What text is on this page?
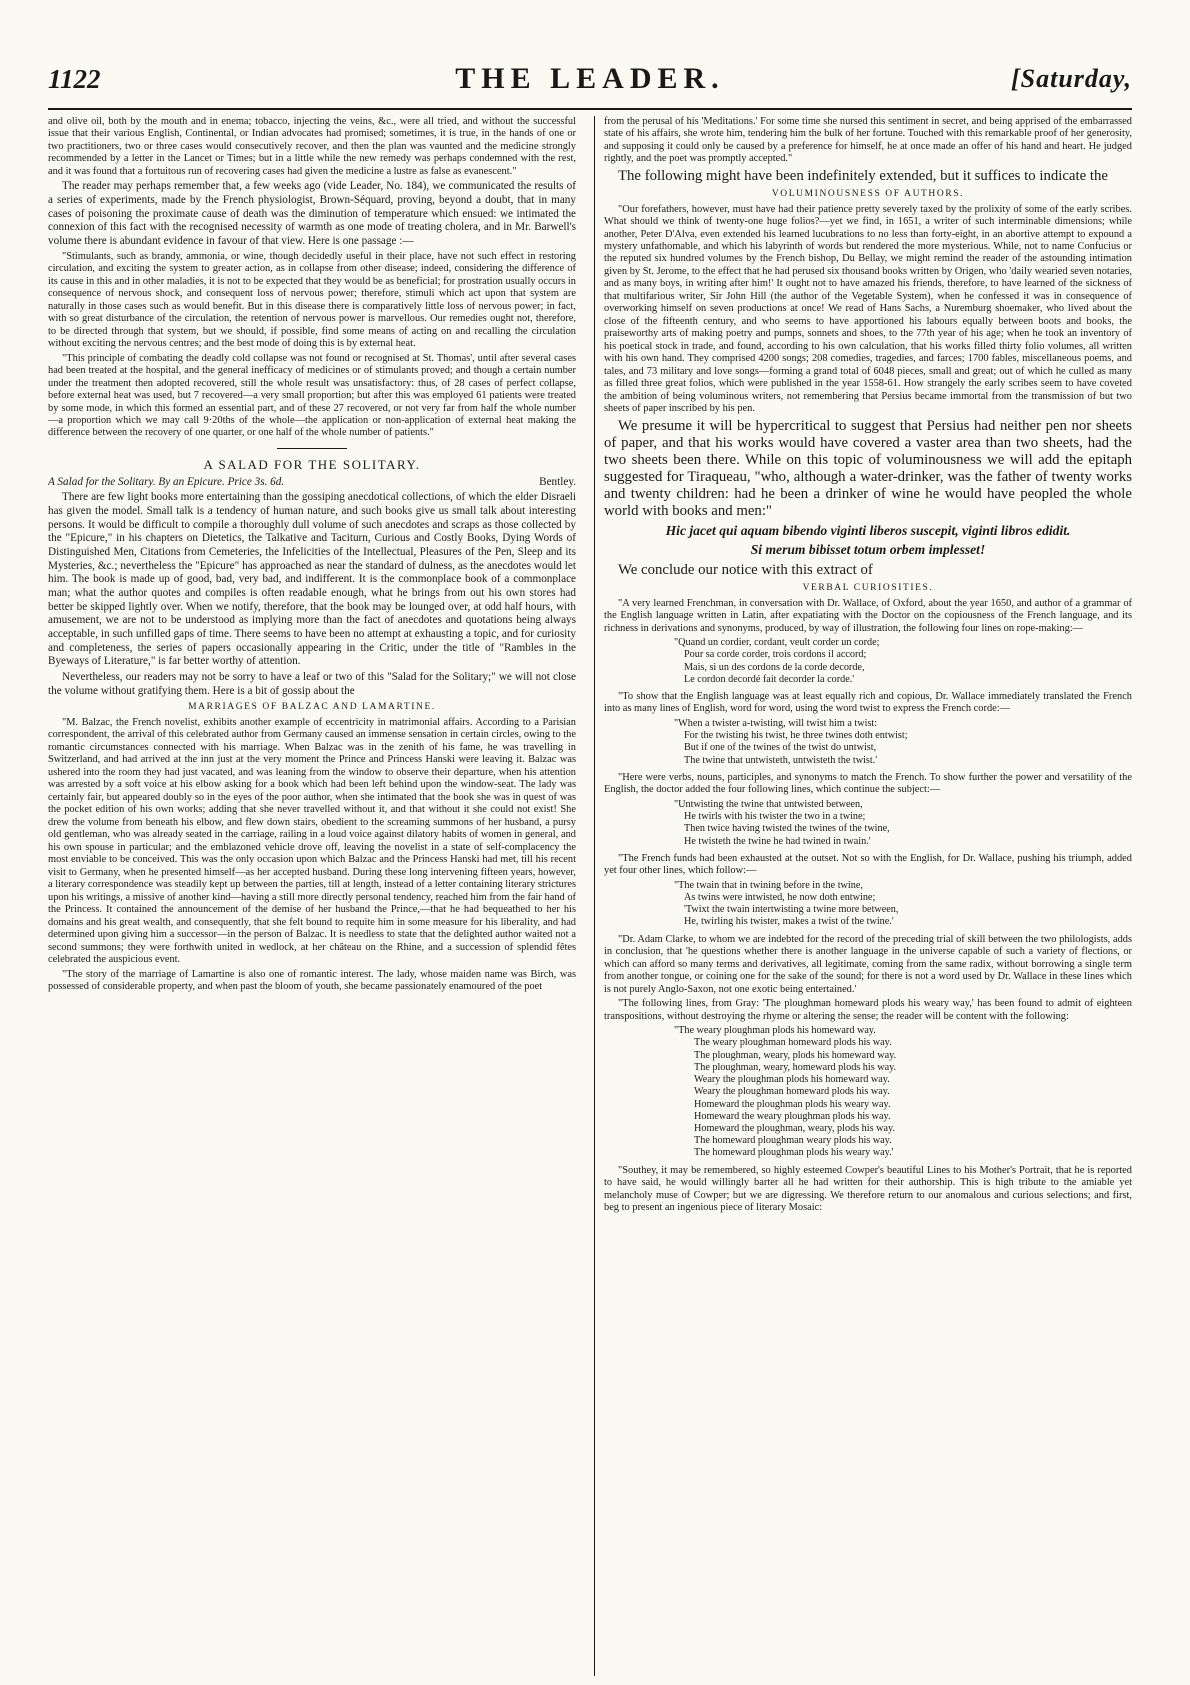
1122	THE LEADER.	[Saturday,

and olive oil, both by the mouth and in enema; tobacco, injecting the veins, &c., were all tried, and without the successful issue that their various English, Continental, or Indian advocates had promised; sometimes, it is true, in the hands of one or two practitioners, two or three cases would consecutively recover, and then the plan was vaunted and the medicine strongly recommended by a letter in the Lancet or Times; but in a little while the new remedy was perhaps condemned with the rest, and it was found that a fortuitous run of recovering cases had given the medicine a lustre as false as evanescent."

The reader may perhaps remember that, a few weeks ago (vide Leader, No. 184), we communicated the results of a series of experiments, made by the French physiologist, Brown-Séquard, proving, beyond a doubt, that in many cases of poisoning the proximate cause of death was the diminution of temperature which ensued: we intimated the connexion of this fact with the recognised necessity of warmth as one mode of treating cholera, and in Mr. Barwell's volume there is abundant evidence in favour of that view. Here is one passage :—

"Stimulants, such as brandy, ammonia, or wine, though decidedly useful in their place, have not such effect in restoring circulation, and exciting the system to greater action, as in collapse from other disease; indeed, considering the difference of its cause in this and in other maladies, it is not to be expected that they would be as beneficial; for prostration usually occurs in consequence of nervous shock, and consequent loss of nervous power; therefore, stimuli which act upon that system are naturally in those cases such as would benefit. But in this disease there is comparatively little loss of nervous power; in fact, with so great disturbance of the circulation, the retention of nervous power is marvellous. Our remedies ought not, therefore, to be directed through that system, but we should, if possible, find some means of acting on and recalling the circulation without exciting the nervous centres; and the best mode of doing this is by external heat.

"This principle of combating the deadly cold collapse was not found or recognised at St. Thomas', until after several cases had been treated at the hospital, and the general inefficacy of medicines or of stimulants proved; and though a certain number under the treatment then adopted recovered, still the whole result was unsatisfactory: thus, of 28 cases of perfect collapse, before external heat was used, but 7 recovered—a very small proportion; but after this was employed 61 patients were treated by some mode, in which this formed an essential part, and of these 27 recovered, or not very far from half the whole number—a proportion which we may call 9·20ths of the whole—the application or non-application of external heat making the difference between the recovery of one quarter, or one half of the whole number of patients."

A SALAD FOR THE SOLITARY.

A Salad for the Solitary. By an Epicure. Price 3s. 6d.	Bentley.

There are few light books more entertaining than the gossiping anecdotical collections, of which the elder Disraeli has given the model. Small talk is a tendency of human nature, and such books give us small talk about interesting persons. It would be difficult to compile a thoroughly dull volume of such anecdotes and scraps as those collected by the "Epicure," in his chapters on Dietetics, the Talkative and Taciturn, Curious and Costly Books, Dying Words of Distinguished Men, Citations from Cemeteries, the Infelicities of the Intellectual, Pleasures of the Pen, Sleep and its Mysteries, &c.; nevertheless the "Epicure" has approached as near the standard of dulness, as the anecdotes would let him. The book is made up of good, bad, very bad, and indifferent. It is the commonplace book of a commonplace man; what the author quotes and compiles is often readable enough, what he brings from out his own stores had better be skipped lightly over. When we notify, therefore, that the book may be lounged over, at odd half hours, with amusement, we are not to be understood as implying more than the fact of anecdotes and quotations being always acceptable, in such unfilled gaps of time. There seems to have been no attempt at exhausting a topic, and for curiosity and completeness, the series of papers occasionally appearing in the Critic, under the title of "Rambles in the Byeways of Literature," is far better worthy of attention.

Nevertheless, our readers may not be sorry to have a leaf or two of this "Salad for the Solitary;" we will not close the volume without gratifying them. Here is a bit of gossip about the

MARRIAGES OF BALZAC AND LAMARTINE.

"M. Balzac, the French novelist, exhibits another example of eccentricity in matrimonial affairs. According to a Parisian correspondent, the arrival of this celebrated author from Germany caused an immense sensation in certain circles, owing to the romantic circumstances connected with his marriage. When Balzac was in the zenith of his fame, he was travelling in Switzerland, and had arrived at the inn just at the very moment the Prince and Princess Hanski were leaving it. Balzac was ushered into the room they had just vacated, and was leaning from the window to observe their departure, when his attention was arrested by a soft voice at his elbow asking for a book which had been left behind upon the window-seat. The lady was certainly fair, but appeared doubly so in the eyes of the poor author, when she intimated that the book she was in quest of was the pocket edition of his own works; adding that she never travelled without it, and that without it she could not exist! She drew the volume from beneath his elbow, and flew down stairs, obedient to the screaming summons of her husband, a pursy old gentleman, who was already seated in the carriage, railing in a loud voice against dilatory habits of women in general, and his own spouse in particular; and the emblazoned vehicle drove off, leaving the novelist in a state of self-complacency the most enviable to be conceived. This was the only occasion upon which Balzac and the Princess Hanski had met, till his recent visit to Germany, when he presented himself—as her accepted husband. During these long intervening fifteen years, however, a literary correspondence was steadily kept up between the parties, till at length, instead of a letter containing literary strictures upon his writings, a missive of another kind—having a still more directly personal tendency, reached him from the fair hand of the Princess. It contained the announcement of the demise of her husband the Prince,—that he had bequeathed to her his domains and his great wealth, and consequently, that she felt bound to requite him in some measure for his liberality, and had determined upon giving him a successor—in the person of Balzac. It is needless to state that the delighted author waited not a second summons; they were forthwith united in wedlock, at her château on the Rhine, and a succession of splendid fêtes celebrated the auspicious event.

"The story of the marriage of Lamartine is also one of romantic interest. The lady, whose maiden name was Birch, was possessed of considerable property, and when past the bloom of youth, she became passionately enamoured of the poet

from the perusal of his 'Meditations.' For some time she nursed this sentiment in secret, and being apprised of the embarrassed state of his affairs, she wrote him, tendering him the bulk of her fortune. Touched with this remarkable proof of her generosity, and supposing it could only be caused by a preference for himself, he at once made an offer of his hand and heart. He judged rightly, and the poet was promptly accepted."

The following might have been indefinitely extended, but it suffices to indicate the

VOLUMINOUSNESS OF AUTHORS.

"Our forefathers, however, must have had their patience pretty severely taxed by the prolixity of some of the early scribes. What should we think of twenty-one huge folios?—yet we find, in 1651, a writer of such interminable dimensions; while another, Peter D'Alva, even extended his learned lucubrations to no less than forty-eight, in an abortive attempt to expound a mystery unfathomable, and which his labyrinth of words but rendered the more mysterious. While, not to name Confucius or the reputed six hundred volumes by the French bishop, Du Bellay, we might remind the reader of the astounding intimation given by St. Jerome, to the effect that he had perused six thousand books written by Origen, who 'daily wearied seven notaries, and as many boys, in writing after him!' It ought not to have amazed his friends, therefore, to have learned of the sickness of that multifarious writer, Sir John Hill (the author of the Vegetable System), when he confessed it was in consequence of overworking himself on seven productions at once! We read of Hans Sachs, a Nuremburg shoemaker, who lived about the close of the fifteenth century, and who seems to have apportioned his labours equally between boots and books, the praiseworthy arts of making poetry and pumps, sonnets and shoes, to the 77th year of his age; when he took an inventory of his poetical stock in trade, and found, according to his own calculation, that his works filled thirty folio volumes, all written with his own hand. They comprised 4200 songs; 208 comedies, tragedies, and farces; 1700 fables, miscellaneous poems, and tales, and 73 military and love songs—forming a grand total of 6048 pieces, small and great; out of which he culled as many as filled three great folios, which were published in the year 1558-61. How strangely the early scribes seem to have coveted the ambition of being voluminous writers, not remembering that Persius became immortal from the transmission of but two sheets of paper inscribed by his pen.

We presume it will be hypercritical to suggest that Persius had neither pen nor sheets of paper, and that his works would have covered a vaster area than two sheets, had the two sheets been there. While on this topic of voluminousness we will add the epitaph suggested for Tiraqueau, "who, although a water-drinker, was the father of twenty works and twenty children: had he been a drinker of wine he would have peopled the whole world with books and men:"

Hic jacet qui aquam bibendo viginti liberos suscepit, viginti libros edidit.

Si merum bibisset totum orbem implesset!

We conclude our notice with this extract of

VERBAL CURIOSITIES.

"A very learned Frenchman, in conversation with Dr. Wallace, of Oxford, about the year 1650, and author of a grammar of the English language written in Latin, after expatiating with the Doctor on the copiousness of the French language, and its richness in derivations and synonyms, produced, by way of illustration, the following four lines on rope-making:—

"Quand un cordier, cordant, veult corder un corde;
Pour sa corde corder, trois cordons il accord;
Mais, si un des cordons de la corde decorde,
Le cordon decordé fait decorder la corde.'

"To show that the English language was at least equally rich and copious, Dr. Wallace immediately translated the French into as many lines of English, word for word, using the word twist to express the French corde:—

"When a twister a-twisting, will twist him a twist:
For the twisting his twist, he three twines doth entwist;
But if one of the twines of the twist do untwist,
The twine that untwisteth, untwisteth the twist.'

"Here were verbs, nouns, participles, and synonyms to match the French. To show further the power and versatility of the English, the doctor added the four following lines, which continue the subject:—

"Untwisting the twine that untwisted between,
He twirls with his twister the two in a twine;
Then twice having twisted the twines of the twine,
He twisteth the twine he had twined in twain.'

"The French funds had been exhausted at the outset. Not so with the English, for Dr. Wallace, pushing his triumph, added yet four other lines, which follow:—

"The twain that in twining before in the twine,
As twins were intwisted, he now doth entwine;
'Twixt the twain intertwisting a twine more between,
He, twirling his twister, makes a twist of the twine.'

"Dr. Adam Clarke, to whom we are indebted for the record of the preceding trial of skill between the two philologists, adds in conclusion, that 'he questions whether there is another language in the universe capable of such a variety of flections, or which can afford so many terms and derivatives, all legitimate, coming from the same radix, without borrowing a single term from another tongue, or coining one for the sake of the sound; for there is not a word used by Dr. Wallace in these lines which is not purely Anglo-Saxon, not one exotic being entertained.'

"The following lines, from Gray: 'The ploughman homeward plods his weary way,' has been found to admit of eighteen transpositions, without destroying the rhyme or altering the sense; the reader will be content with the following:

"The weary ploughman plods his homeward way.
The weary ploughman homeward plods his way.
The ploughman, weary, plods his homeward way.
The ploughman, weary, homeward plods his way.
Weary the ploughman plods his homeward way.
Weary the ploughman homeward plods his way.
Homeward the ploughman plods his weary way.
Homeward the weary ploughman plods his way.
Homeward the ploughman, weary, plods his way.
The homeward ploughman weary plods his way.
The homeward ploughman plods his weary way.'

"Southey, it may be remembered, so highly esteemed Cowper's beautiful Lines to his Mother's Portrait, that he is reported to have said, he would willingly barter all he had written for their authorship. This is high tribute to the amiable yet melancholy muse of Cowper; but we are digressing. We therefore return to our anomalous and curious selections; and first, beg to present an ingenious piece of literary Mosaic:
